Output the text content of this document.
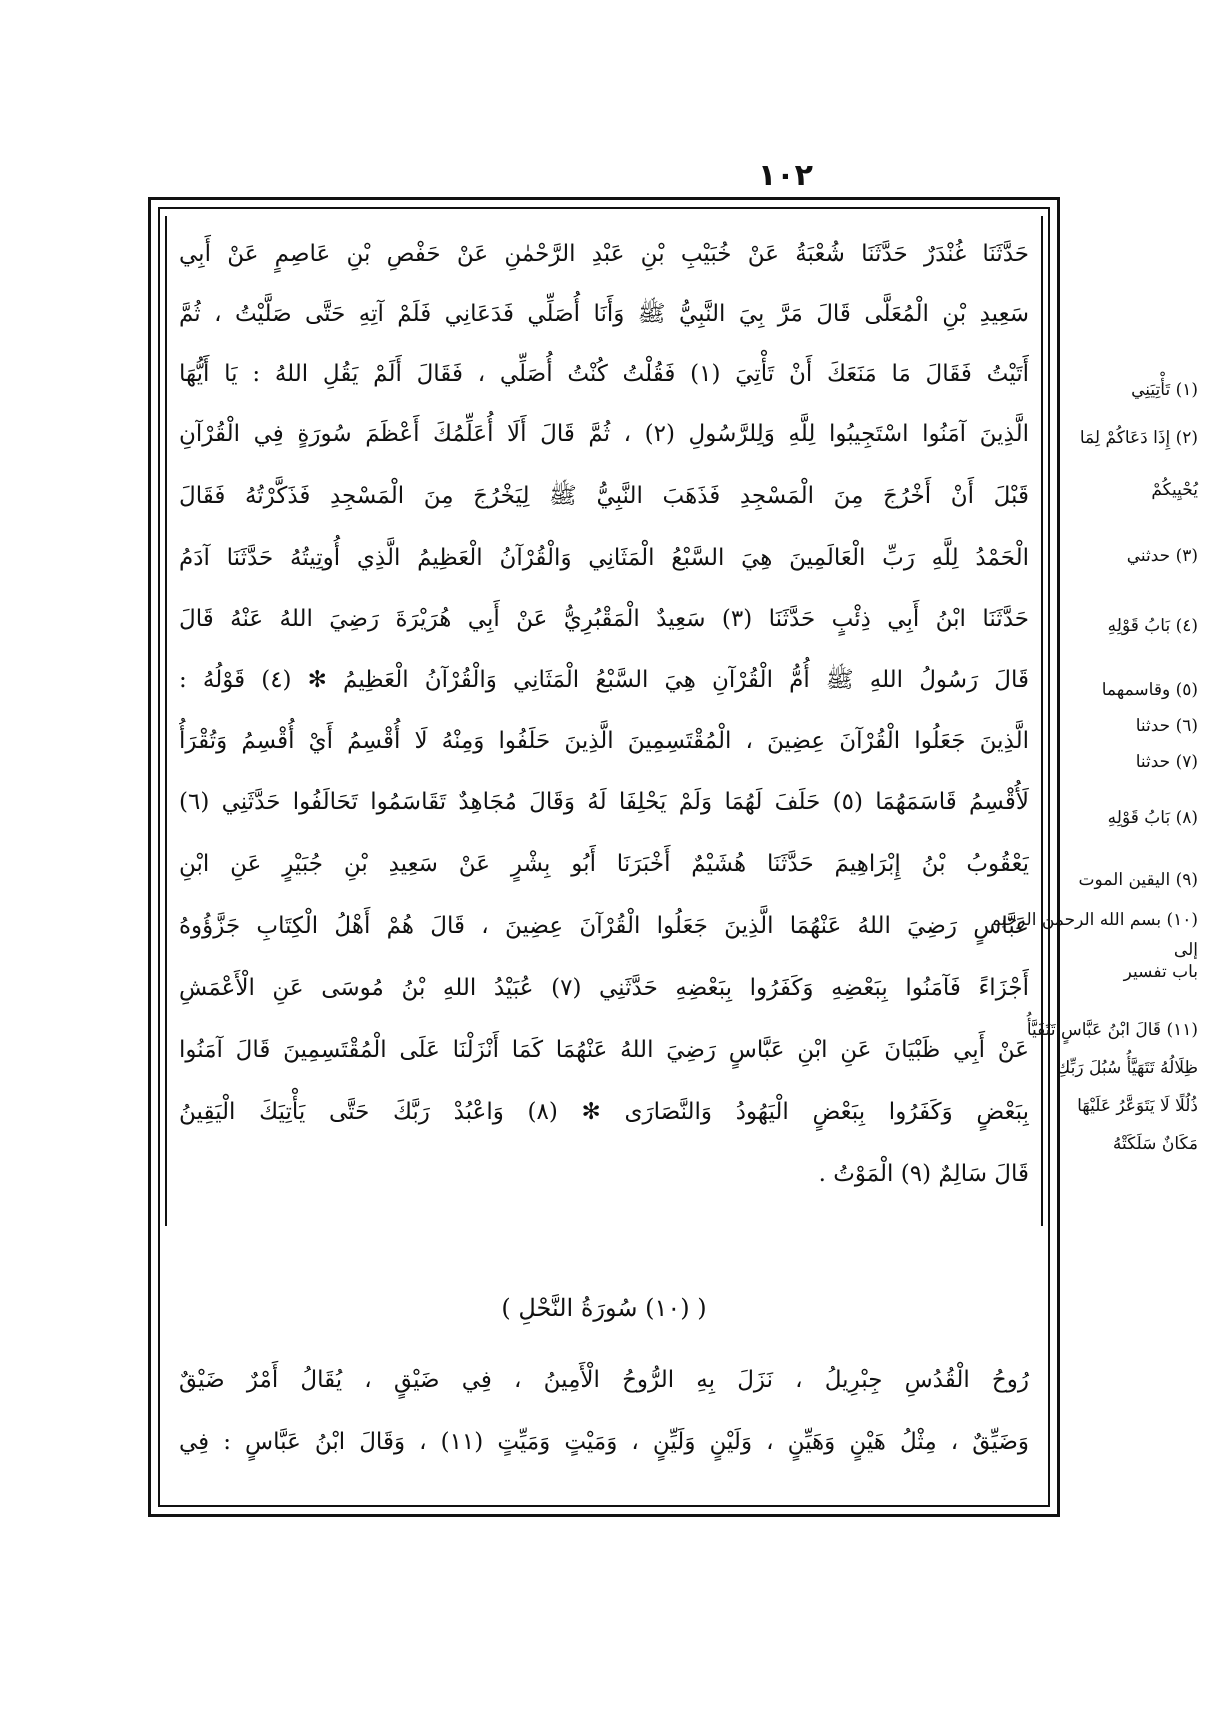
١٠٢
حَدَّثَنَا غُنْدَرٌ حَدَّثَنَا شُعْبَةُ عَنْ خُبَيْبِ بْنِ عَبْدِ الرَّحْمٰنِ عَنْ حَفْصِ بْنِ عَاصِمٍ عَنْ أَبِي
سَعِيدِ بْنِ الْمُعَلَّى قَالَ مَرَّ بِيَ النَّبِيُّ ﷺ وَأَنَا أُصَلِّي فَدَعَانِي فَلَمْ آتِهِ حَتَّى صَلَّيْتُ ، ثُمَّ
أَتَيْتُ فَقَالَ مَا مَنَعَكَ أَنْ تَأْتِيَ (١) فَقُلْتُ كُنْتُ أُصَلِّي ، فَقَالَ أَلَمْ يَقُلِ اللهُ : يَا أَيُّهَا
الَّذِينَ آمَنُوا اسْتَجِيبُوا لِلَّهِ وَلِلرَّسُولِ (٢) ، ثُمَّ قَالَ أَلَا أُعَلِّمُكَ أَعْظَمَ سُورَةٍ فِي الْقُرْآنِ
قَبْلَ أَنْ أَخْرُجَ مِنَ الْمَسْجِدِ فَذَهَبَ النَّبِيُّ ﷺ لِيَخْرُجَ مِنَ الْمَسْجِدِ فَذَكَّرْتُهُ فَقَالَ
الْحَمْدُ لِلَّهِ رَبِّ الْعَالَمِينَ هِيَ السَّبْعُ الْمَثَانِي وَالْقُرْآنُ الْعَظِيمُ الَّذِي أُوتِيتُهُ حَدَّثَنَا آدَمُ
حَدَّثَنَا ابْنُ أَبِي ذِئْبٍ حَدَّثَنَا (٣) سَعِيدٌ الْمَقْبُرِيُّ عَنْ أَبِي هُرَيْرَةَ رَضِيَ اللهُ عَنْهُ قَالَ
قَالَ رَسُولُ اللهِ ﷺ أُمُّ الْقُرْآنِ هِيَ السَّبْعُ الْمَثَانِي وَالْقُرْآنُ الْعَظِيمُ ✻ (٤) قَوْلُهُ :
الَّذِينَ جَعَلُوا الْقُرْآنَ عِضِينَ ، الْمُقْتَسِمِينَ الَّذِينَ حَلَفُوا وَمِنْهُ لَا أُقْسِمُ أَيْ أُقْسِمُ وَتُقْرَأُ
لَأُقْسِمُ قَاسَمَهُمَا (٥) حَلَفَ لَهُمَا وَلَمْ يَحْلِفَا لَهُ وَقَالَ مُجَاهِدٌ تَقَاسَمُوا تَحَالَفُوا حَدَّثَنِي (٦)
يَعْقُوبُ بْنُ إِبْرَاهِيمَ حَدَّثَنَا هُشَيْمٌ أَخْبَرَنَا أَبُو بِشْرٍ عَنْ سَعِيدِ بْنِ جُبَيْرٍ عَنِ ابْنِ
عَبَّاسٍ رَضِيَ اللهُ عَنْهُمَا الَّذِينَ جَعَلُوا الْقُرْآنَ عِضِينَ ، قَالَ هُمْ أَهْلُ الْكِتَابِ جَزَّؤُوهُ
أَجْزَاءً فَآمَنُوا بِبَعْضِهِ وَكَفَرُوا بِبَعْضِهِ حَدَّثَنِي (٧) عُبَيْدُ اللهِ بْنُ مُوسَى عَنِ الْأَعْمَشِ
عَنْ أَبِي ظَبْيَانَ عَنِ ابْنِ عَبَّاسٍ رَضِيَ اللهُ عَنْهُمَا كَمَا أَنْزَلْنَا عَلَى الْمُقْتَسِمِينَ قَالَ آمَنُوا
بِبَعْضٍ وَكَفَرُوا بِبَعْضٍ الْيَهُودُ وَالنَّصَارَى ✻ (٨) وَاعْبُدْ رَبَّكَ حَتَّى يَأْتِيَكَ الْيَقِينُ
قَالَ سَالِمٌ (٩) الْمَوْتُ .
( (١٠) سُورَةُ النَّحْلِ )
رُوحُ الْقُدُسِ جِبْرِيلُ ، نَزَلَ بِهِ الرُّوحُ الْأَمِينُ ، فِي ضَيْقٍ ، يُقَالُ أَمْرٌ ضَيْقٌ
وَضَيِّقٌ ، مِثْلُ هَيْنٍ وَهَيِّنٍ ، وَلَيْنٍ وَلَيِّنٍ ، وَمَيْتٍ وَمَيِّتٍ (١١) ، وَقَالَ ابْنُ عَبَّاسٍ : فِي
(١) تَأْتِيَنِي
(٢) إِذَا دَعَاكُمْ لِمَا
يُحْيِيكُمْ
(٣) حدثني
(٤) بَابُ قَوْلِهِ
(٥) وقاسمهما
(٦) حدثنا
(٧) حدثنا
(٨) بَابُ قَوْلِهِ
(٩) اليقين الموت
(١٠) بسم الله الرحمن الرحيم
إلى
باب تفسير
(١١) قَالَ ابْنُ عَبَّاسٍ تَتَفَيَّأُ
ظِلَالُهُ تَتَهَيَّأُ سُبُلَ رَبِّكِ
ذُلُلًا لَا يَتَوَعَّرُ عَلَيْهَا
مَكَانٌ سَلَكَتْهُ
